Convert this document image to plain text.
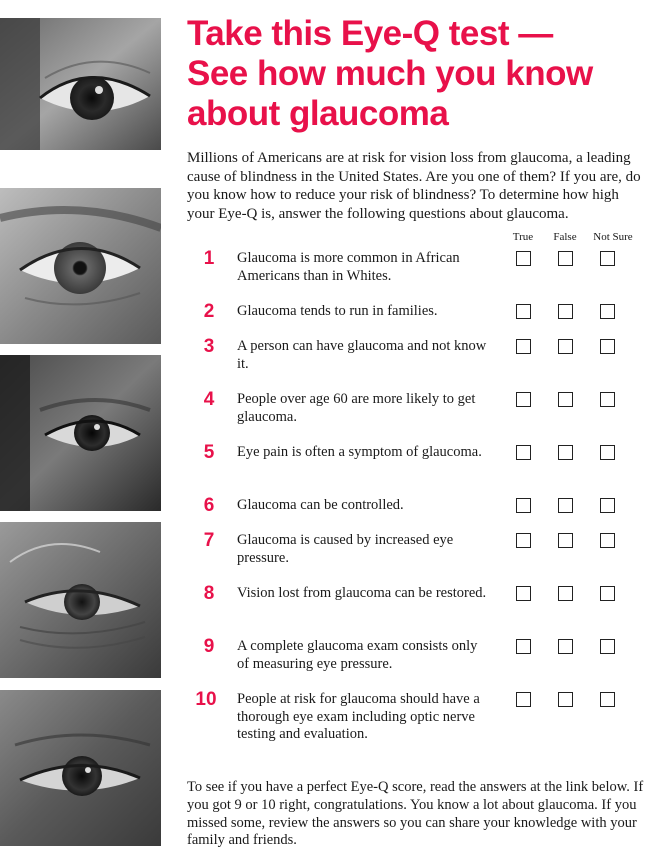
Take this Eye-Q test —
See how much you know
about glaucoma

Millions of Americans are at risk for vision loss from glaucoma, a leading cause of blindness in the United States. Are you one of them? If you are, do you know how to reduce your risk of blindness? To determine how high your Eye-Q is, answer the following questions about glaucoma.

True	False	Not Sure
1	Glaucoma is more common in African Americans than in Whites.
2	Glaucoma tends to run in families.
3	A person can have glaucoma and not know it.
4	People over age 60 are more likely to get glaucoma.
5	Eye pain is often a symptom of glaucoma.
6	Glaucoma can be controlled.
7	Glaucoma is caused by increased eye pressure.
8	Vision lost from glaucoma can be restored.
9	A complete glaucoma exam consists only of measuring eye pressure.
10	People at risk for glaucoma should have a thorough eye exam including optic nerve testing and evaluation.

To see if you have a perfect Eye-Q score, read the answers at the link below. If you got 9 or 10 right, congratulations. You know a lot about glaucoma. If you missed some, review the answers so you can share your knowledge with your family and friends.
